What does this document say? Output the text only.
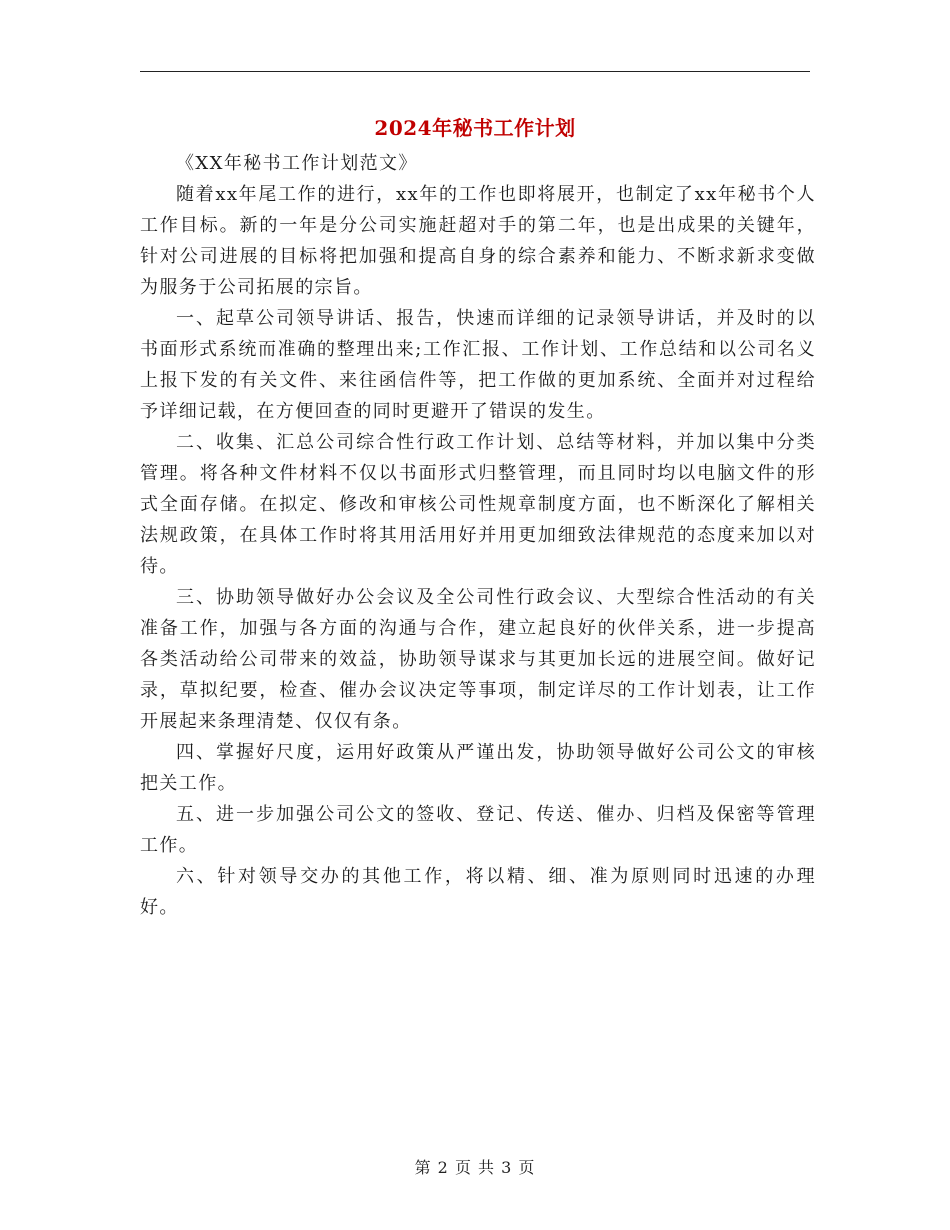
2024年秘书工作计划

《XX年秘书工作计划范文》

随着xx年尾工作的进行，xx年的工作也即将展开，也制定了xx年秘书个人工作目标。新的一年是分公司实施赶超对手的第二年，也是出成果的关键年，针对公司进展的目标将把加强和提高自身的综合素养和能力、不断求新求变做为服务于公司拓展的宗旨。

一、起草公司领导讲话、报告，快速而详细的记录领导讲话，并及时的以书面形式系统而准确的整理出来;工作汇报、工作计划、工作总结和以公司名义上报下发的有关文件、来往函信件等，把工作做的更加系统、全面并对过程给予详细记载，在方便回查的同时更避开了错误的发生。

二、收集、汇总公司综合性行政工作计划、总结等材料，并加以集中分类管理。将各种文件材料不仅以书面形式归整管理，而且同时均以电脑文件的形式全面存储。在拟定、修改和审核公司性规章制度方面，也不断深化了解相关法规政策，在具体工作时将其用活用好并用更加细致法律规范的态度来加以对待。

三、协助领导做好办公会议及全公司性行政会议、大型综合性活动的有关准备工作，加强与各方面的沟通与合作，建立起良好的伙伴关系，进一步提高各类活动给公司带来的效益，协助领导谋求与其更加长远的进展空间。做好记录，草拟纪要，检查、催办会议决定等事项，制定详尽的工作计划表，让工作开展起来条理清楚、仅仅有条。

四、掌握好尺度，运用好政策从严谨出发，协助领导做好公司公文的审核把关工作。

五、进一步加强公司公文的签收、登记、传送、催办、归档及保密等管理工作。

六、针对领导交办的其他工作，将以精、细、准为原则同时迅速的办理好。

第 2 页 共 3 页
